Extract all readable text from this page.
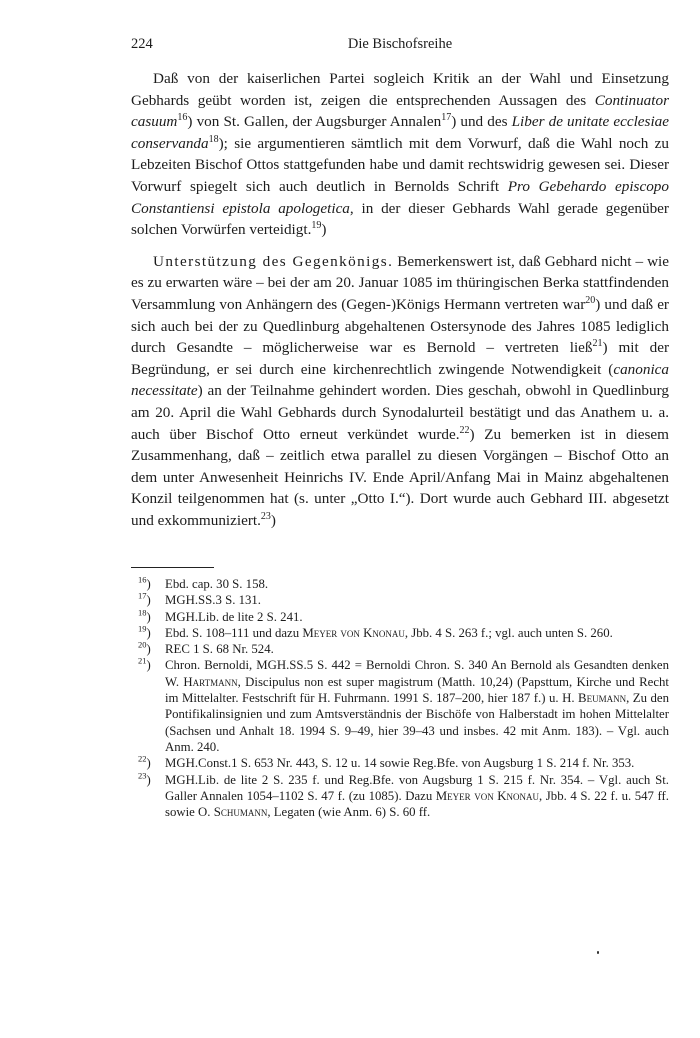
224	Die Bischofsreihe

Daß von der kaiserlichen Partei sogleich Kritik an der Wahl und Einsetzung Gebhards geübt worden ist, zeigen die entsprechenden Aussagen des Continuator casuum$^{16}$) von St. Gallen, der Augsburger Annalen$^{17}$) und des Liber de unitate ecclesiae conservanda$^{18}$); sie argumentieren sämtlich mit dem Vorwurf, daß die Wahl noch zu Lebzeiten Bischof Ottos stattgefunden habe und damit rechtswidrig gewesen sei. Dieser Vorwurf spiegelt sich auch deutlich in Bernolds Schrift Pro Gebehardo episcopo Constantiensi epistola apologetica, in der dieser Gebhards Wahl gerade gegenüber solchen Vorwürfen verteidigt.$^{19}$)

Unterstützung des Gegenkönigs. Bemerkenswert ist, daß Gebhard nicht – wie es zu erwarten wäre – bei der am 20. Januar 1085 im thüringischen Berka stattfindenden Versammlung von Anhängern des (Gegen-)Königs Hermann vertreten war$^{20}$) und daß er sich auch bei der zu Quedlinburg abgehaltenen Ostersynode des Jahres 1085 lediglich durch Gesandte – möglicherweise war es Bernold – vertreten ließ$^{21}$) mit der Begründung, er sei durch eine kirchenrechtlich zwingende Notwendigkeit (canonica necessitate) an der Teilnahme gehindert worden. Dies geschah, obwohl in Quedlinburg am 20. April die Wahl Gebhards durch Synodalurteil bestätigt und das Anathem u. a. auch über Bischof Otto erneut verkündet wurde.$^{22}$) Zu bemerken ist in diesem Zusammenhang, daß – zeitlich etwa parallel zu diesen Vorgängen – Bischof Otto an dem unter Anwesenheit Heinrichs IV. Ende April/Anfang Mai in Mainz abgehaltenen Konzil teilgenommen hat (s. unter „Otto I.“). Dort wurde auch Gebhard III. abgesetzt und exkommuniziert.$^{23}$)

$^{16}$) Ebd. cap. 30 S. 158.

$^{17}$) MGH.SS.3 S. 131.

$^{18}$) MGH.Lib. de lite 2 S. 241.

$^{19}$) Ebd. S. 108–111 und dazu Meyer von Knonau, Jbb. 4 S. 263 f.; vgl. auch unten S. 260.

$^{20}$) REC 1 S. 68 Nr. 524.

$^{21}$) Chron. Bernoldi, MGH.SS.5 S. 442 = Bernoldi Chron. S. 340 An Bernold als Gesandten denken W. Hartmann, Discipulus non est super magistrum (Matth. 10,24) (Papsttum, Kirche und Recht im Mittelalter. Festschrift für H. Fuhrmann. 1991 S. 187–200, hier 187 f.) u. H. Beumann, Zu den Pontifikalinsignien und zum Amtsverständnis der Bischöfe von Halberstadt im hohen Mittelalter (Sachsen und Anhalt 18. 1994 S. 9–49, hier 39–43 und insbes. 42 mit Anm. 183). – Vgl. auch Anm. 240.

$^{22}$) MGH.Const.1 S. 653 Nr. 443, S. 12 u. 14 sowie Reg.Bfe. von Augsburg 1 S. 214 f. Nr. 353.

$^{23}$) MGH.Lib. de lite 2 S. 235 f. und Reg.Bfe. von Augsburg 1 S. 215 f. Nr. 354. – Vgl. auch St. Galler Annalen 1054–1102 S. 47 f. (zu 1085). Dazu Meyer von Knonau, Jbb. 4 S. 22 f. u. 547 ff. sowie O. Schumann, Legaten (wie Anm. 6) S. 60 ff.
